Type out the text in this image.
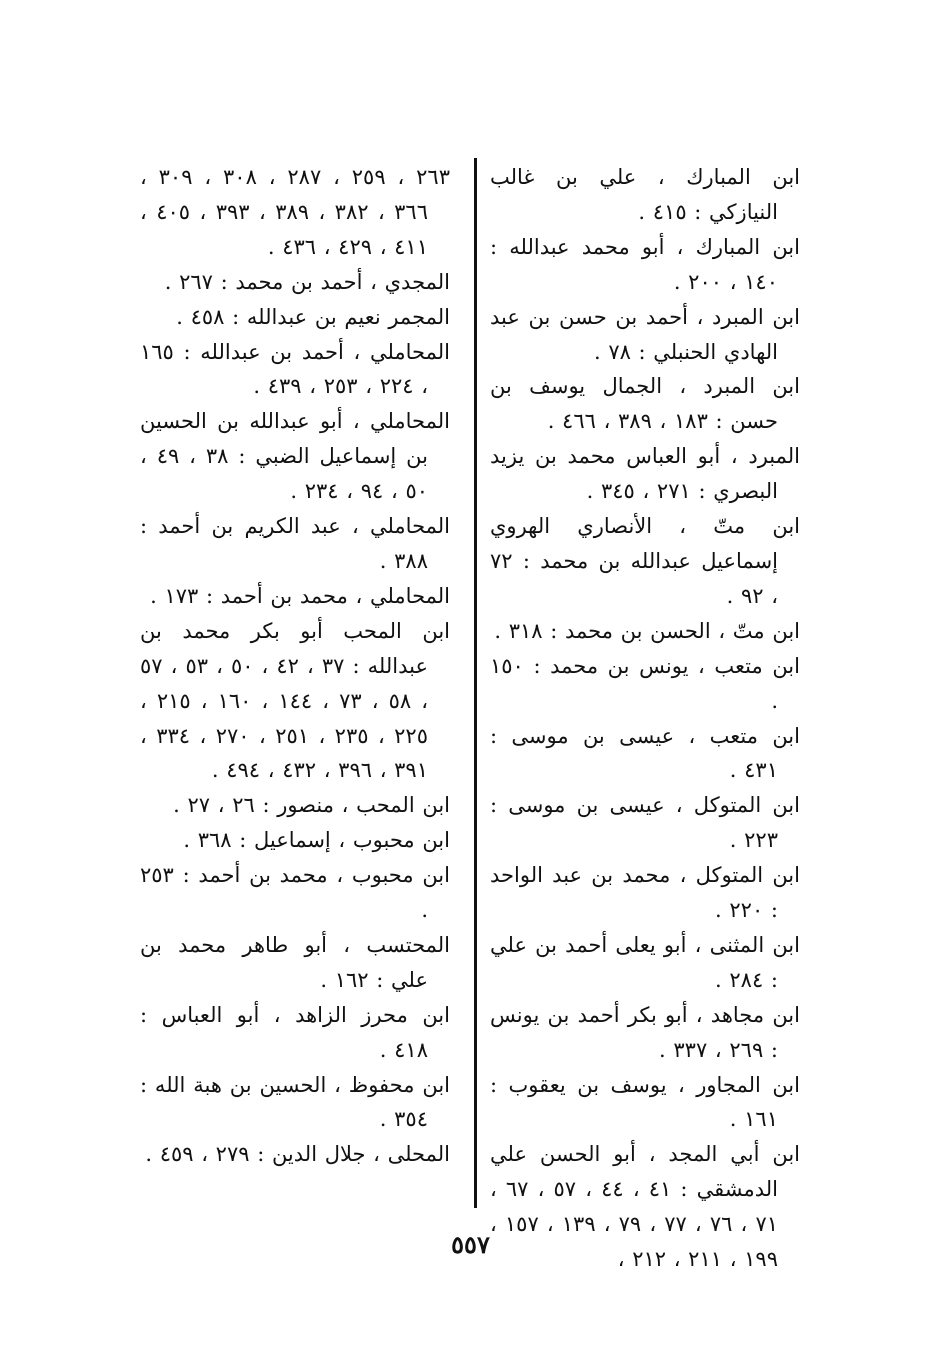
ابن المبارك ، علي بن غالب النيازكي : ٤١٥ .

ابن المبارك ، أبو محمد عبدالله : ١٤٠ ، ٢٠٠ .

ابن المبرد ، أحمد بن حسن بن عبد الهادي الحنبلي : ٧٨ .

ابن المبرد ، الجمال يوسف بن حسن : ١٨٣ ، ٣٨٩ ، ٤٦٦ .

المبرد ، أبو العباس محمد بن يزيد البصري : ٢٧١ ، ٣٤٥ .

ابن متّ ، الأنصاري الهروي إسماعيل عبدالله بن محمد : ٧٢ ، ٩٢ .

ابن متّ ، الحسن بن محمد : ٣١٨ .

ابن متعب ، يونس بن محمد : ١٥٠ .

ابن متعب ، عيسى بن موسى : ٤٣١ .

ابن المتوكل ، عيسى بن موسى : ٢٢٣ .

ابن المتوكل ، محمد بن عبد الواحد : ٢٢٠ .

ابن المثنى ، أبو يعلى أحمد بن علي : ٢٨٤ .

ابن مجاهد ، أبو بكر أحمد بن يونس : ٢٦٩ ، ٣٣٧ .

ابن المجاور ، يوسف بن يعقوب : ١٦١ .

ابن أبي المجد ، أبو الحسن علي الدمشقي : ٤١ ، ٤٤ ، ٥٧ ، ٦٧ ، ٧١ ، ٧٦ ، ٧٧ ، ٧٩ ، ١٣٩ ، ١٥٧ ، ١٩٩ ، ٢١١ ، ٢١٢ ،

٢٦٣ ، ٢٥٩ ، ٢٨٧ ، ٣٠٨ ، ٣٠٩ ، ٣٦٦ ، ٣٨٢ ، ٣٨٩ ، ٣٩٣ ، ٤٠٥ ، ٤١١ ، ٤٢٩ ، ٤٣٦ .

المجدي ، أحمد بن محمد : ٢٦٧ .

المجمر نعيم بن عبدالله : ٤٥٨ .

المحاملي ، أحمد بن عبدالله : ١٦٥ ، ٢٢٤ ، ٢٥٣ ، ٤٣٩ .

المحاملي ، أبو عبدالله بن الحسين بن إسماعيل الضبي : ٣٨ ، ٤٩ ، ٥٠ ، ٩٤ ، ٢٣٤ .

المحاملي ، عبد الكريم بن أحمد : ٣٨٨ .

المحاملي ، محمد بن أحمد : ١٧٣ .

ابن المحب أبو بكر محمد بن عبدالله : ٣٧ ، ٤٢ ، ٥٠ ، ٥٣ ، ٥٧ ، ٥٨ ، ٧٣ ، ١٤٤ ، ١٦٠ ، ٢١٥ ، ٢٢٥ ، ٢٣٥ ، ٢٥١ ، ٢٧٠ ، ٣٣٤ ، ٣٩١ ، ٣٩٦ ، ٤٣٢ ، ٤٩٤ .

ابن المحب ، منصور : ٢٦ ، ٢٧ .

ابن محبوب ، إسماعيل : ٣٦٨ .

ابن محبوب ، محمد بن أحمد : ٢٥٣ .

المحتسب ، أبو طاهر محمد بن علي : ١٦٢ .

ابن محرز الزاهد ، أبو العباس : ٤١٨ .

ابن محفوظ ، الحسين بن هبة الله : ٣٥٤ .

المحلى ، جلال الدين : ٢٧٩ ، ٤٥٩ .

٥٥٧
